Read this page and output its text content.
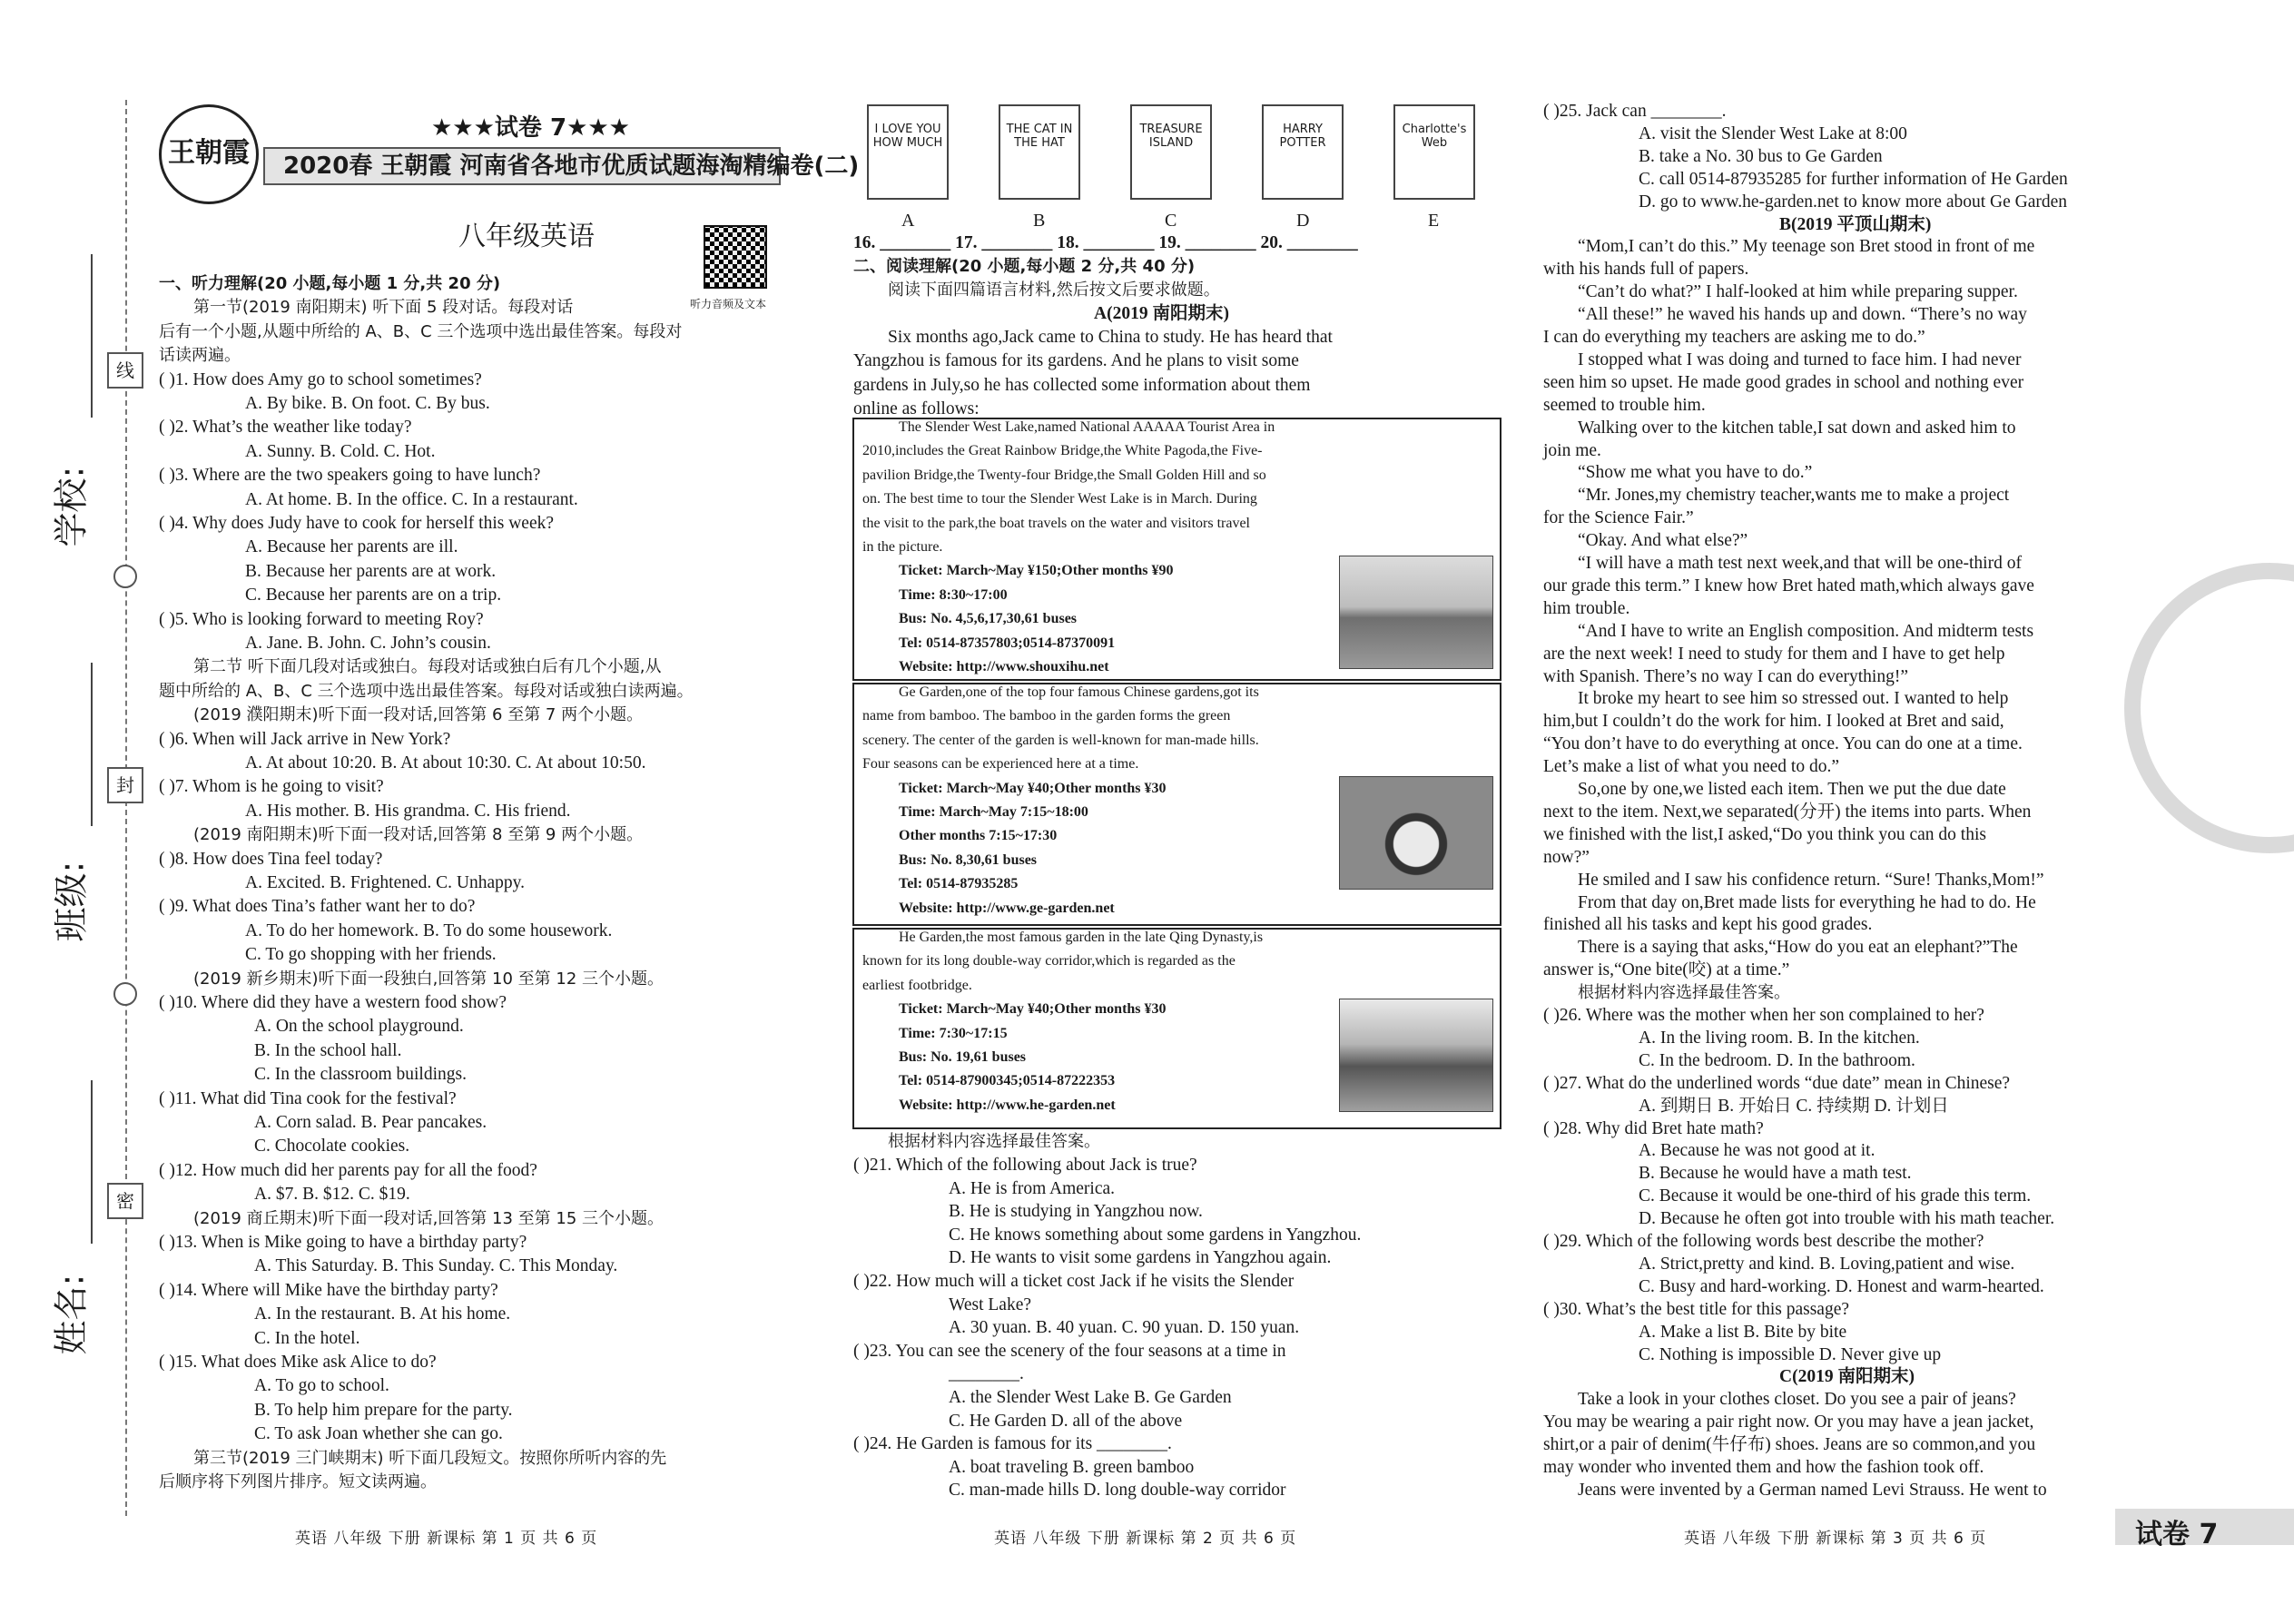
学校:
班级:
姓名:
线
封
密
王朝霞
★★★试卷 7★★★
2020春 王朝霞 河南省各地市优质试题海淘精编卷(二)
八年级英语
听力音频及文本
一、听力理解(20 小题,每小题 1 分,共 20 分)
第一节(2019 南阳期末) 听下面 5 段对话。每段对话
后有一个小题,从题中所给的 A、B、C 三个选项中选出最佳答案。每段对
话读两遍。
( )1. How does Amy go to school sometimes?
A. By bike. B. On foot. C. By bus.
( )2. What’s the weather like today?
A. Sunny. B. Cold. C. Hot.
( )3. Where are the two speakers going to have lunch?
A. At home. B. In the office. C. In a restaurant.
( )4. Why does Judy have to cook for herself this week?
A. Because her parents are ill.
B. Because her parents are at work.
C. Because her parents are on a trip.
( )5. Who is looking forward to meeting Roy?
A. Jane. B. John. C. John’s cousin.
第二节 听下面几段对话或独白。每段对话或独白后有几个小题,从
题中所给的 A、B、C 三个选项中选出最佳答案。每段对话或独白读两遍。
(2019 濮阳期末)听下面一段对话,回答第 6 至第 7 两个小题。
( )6. When will Jack arrive in New York?
A. At about 10:20. B. At about 10:30. C. At about 10:50.
( )7. Whom is he going to visit?
A. His mother. B. His grandma. C. His friend.
(2019 南阳期末)听下面一段对话,回答第 8 至第 9 两个小题。
( )8. How does Tina feel today?
A. Excited. B. Frightened. C. Unhappy.
( )9. What does Tina’s father want her to do?
A. To do her homework. B. To do some housework.
C. To go shopping with her friends.
(2019 新乡期末)听下面一段独白,回答第 10 至第 12 三个小题。
( )10. Where did they have a western food show?
A. On the school playground.
B. In the school hall.
C. In the classroom buildings.
( )11. What did Tina cook for the festival?
A. Corn salad. B. Pear pancakes.
C. Chocolate cookies.
( )12. How much did her parents pay for all the food?
A. $7. B. $12. C. $19.
(2019 商丘期末)听下面一段对话,回答第 13 至第 15 三个小题。
( )13. When is Mike going to have a birthday party?
A. This Saturday. B. This Sunday. C. This Monday.
( )14. Where will Mike have the birthday party?
A. In the restaurant. B. At his home.
C. In the hotel.
( )15. What does Mike ask Alice to do?
A. To go to school.
B. To help him prepare for the party.
C. To ask Joan whether she can go.
第三节(2019 三门峡期末) 听下面几段短文。按照你所听内容的先
后顺序将下列图片排序。短文读两遍。
I LOVE YOU HOW MUCH
A
THE CAT IN THE HAT
B
TREASURE ISLAND
C
HARRY POTTER
D
Charlotte's Web
E
16. ________ 17. ________ 18. ________ 19. ________ 20. ________
二、阅读理解(20 小题,每小题 2 分,共 40 分)
阅读下面四篇语言材料,然后按文后要求做题。
A(2019 南阳期末)
Six months ago,Jack came to China to study. He has heard that
Yangzhou is famous for its gardens. And he plans to visit some
gardens in July,so he has collected some information about them
online as follows:
根据材料内容选择最佳答案。
( )21. Which of the following about Jack is true?
A. He is from America.
B. He is studying in Yangzhou now.
C. He knows something about some gardens in Yangzhou.
D. He wants to visit some gardens in Yangzhou again.
( )22. How much will a ticket cost Jack if he visits the Slender
West Lake?
A. 30 yuan. B. 40 yuan. C. 90 yuan. D. 150 yuan.
( )23. You can see the scenery of the four seasons at a time in
________.
A. the Slender West Lake B. Ge Garden
C. He Garden D. all of the above
( )24. He Garden is famous for its ________.
A. boat traveling B. green bamboo
C. man-made hills D. long double-way corridor
( )25. Jack can ________.
A. visit the Slender West Lake at 8:00
B. take a No. 30 bus to Ge Garden
C. call 0514-87935285 for further information of He Garden
D. go to www.he-garden.net to know more about Ge Garden
B(2019 平顶山期末)
“Mom,I can’t do this.” My teenage son Bret stood in front of me
with his hands full of papers.
“Can’t do what?” I half-looked at him while preparing supper.
“All these!” he waved his hands up and down. “There’s no way
I can do everything my teachers are asking me to do.”
I stopped what I was doing and turned to face him. I had never
seen him so upset. He made good grades in school and nothing ever
seemed to trouble him.
Walking over to the kitchen table,I sat down and asked him to
join me.
“Show me what you have to do.”
“Mr. Jones,my chemistry teacher,wants me to make a project
for the Science Fair.”
“Okay. And what else?”
“I will have a math test next week,and that will be one-third of
our grade this term.” I knew how Bret hated math,which always gave
him trouble.
“And I have to write an English composition. And midterm tests
are the next week! I need to study for them and I have to get help
with Spanish. There’s no way I can do everything!”
It broke my heart to see him so stressed out. I wanted to help
him,but I couldn’t do the work for him. I looked at Bret and said,
“You don’t have to do everything at once. You can do one at a time.
Let’s make a list of what you need to do.”
So,one by one,we listed each item. Then we put the due date
next to the item. Next,we separated(分开) the items into parts. When
we finished with the list,I asked,“Do you think you can do this
now?”
He smiled and I saw his confidence return. “Sure! Thanks,Mom!”
From that day on,Bret made lists for everything he had to do. He
finished all his tasks and kept his good grades.
There is a saying that asks,“How do you eat an elephant?”The
answer is,“One bite(咬) at a time.”
根据材料内容选择最佳答案。
( )26. Where was the mother when her son complained to her?
A. In the living room. B. In the kitchen.
C. In the bedroom. D. In the bathroom.
( )27. What do the underlined words “due date” mean in Chinese?
A. 到期日 B. 开始日 C. 持续期 D. 计划日
( )28. Why did Bret hate math?
A. Because he was not good at it.
B. Because he would have a math test.
C. Because it would be one-third of his grade this term.
D. Because he often got into trouble with his math teacher.
( )29. Which of the following words best describe the mother?
A. Strict,pretty and kind. B. Loving,patient and wise.
C. Busy and hard-working. D. Honest and warm-hearted.
( )30. What’s the best title for this passage?
A. Make a list B. Bite by bite
C. Nothing is impossible D. Never give up
C(2019 南阳期末)
Take a look in your clothes closet. Do you see a pair of jeans?
You may be wearing a pair right now. Or you may have a jean jacket,
shirt,or a pair of denim(牛仔布) shoes. Jeans are so common,and you
may wonder who invented them and how the fashion took off.
Jeans were invented by a German named Levi Strauss. He went to
英语 八年级 下册 新课标 第 1 页 共 6 页	英语 八年级 下册 新课标 第 2 页 共 6 页	英语 八年级 下册 新课标 第 3 页 共 6 页	试卷 7
The Slender West Lake,named National AAAAA Tourist Area in
2010,includes the Great Rainbow Bridge,the White Pagoda,the Five-
pavilion Bridge,the Twenty-four Bridge,the Small Golden Hill and so
on. The best time to tour the Slender West Lake is in March. During
the visit to the park,the boat travels on the water and visitors travel
in the picture.
Ticket: March~May ¥150;Other months ¥90
Time: 8:30~17:00
Bus: No. 4,5,6,17,30,61 buses
Tel: 0514-87357803;0514-87370091
Website: http://www.shouxihu.net
Ge Garden,one of the top four famous Chinese gardens,got its
name from bamboo. The bamboo in the garden forms the green
scenery. The center of the garden is well-known for man-made hills.
Four seasons can be experienced here at a time.
Ticket: March~May ¥40;Other months ¥30
Time: March~May 7:15~18:00
Other months 7:15~17:30
Bus: No. 8,30,61 buses
Tel: 0514-87935285
Website: http://www.ge-garden.net
He Garden,the most famous garden in the late Qing Dynasty,is
known for its long double-way corridor,which is regarded as the
earliest footbridge.
Ticket: March~May ¥40;Other months ¥30
Time: 7:30~17:15
Bus: No. 19,61 buses
Tel: 0514-87900345;0514-87222353
Website: http://www.he-garden.net
